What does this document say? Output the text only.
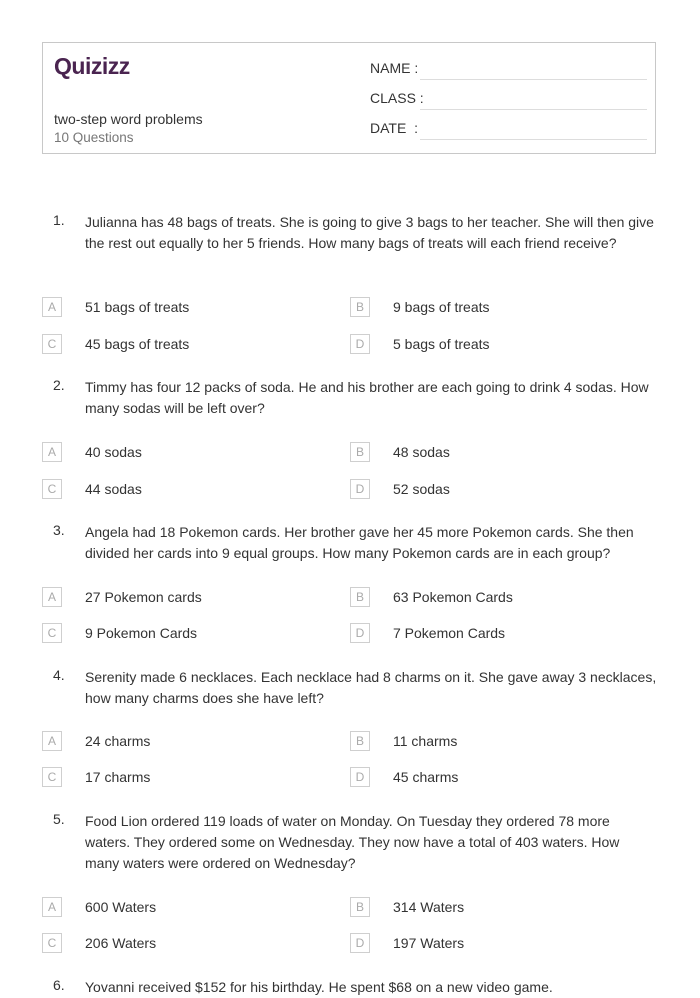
Quizizz
two-step word problems
10 Questions
NAME :
CLASS :
DATE  :
1. Julianna has 48 bags of treats. She is going to give 3 bags to her teacher. She will then give the rest out equally to her 5 friends. How many bags of treats will each friend receive?
A	51 bags of treats	B	9 bags of treats
C	45 bags of treats	D	5 bags of treats
2. Timmy has four 12 packs of soda. He and his brother are each going to drink 4 sodas. How many sodas will be left over?
A	40 sodas	B	48 sodas
C	44 sodas	D	52 sodas
3. Angela had 18 Pokemon cards. Her brother gave her 45 more Pokemon cards. She then divided her cards into 9 equal groups. How many Pokemon cards are in each group?
A	27 Pokemon cards	B	63 Pokemon Cards
C	9 Pokemon Cards	D	7 Pokemon Cards
4. Serenity made 6 necklaces. Each necklace had 8 charms on it. She gave away 3 necklaces, how many charms does she have left?
A	24 charms	B	11 charms
C	17 charms	D	45 charms
5. Food Lion ordered 119 loads of water on Monday. On Tuesday they ordered 78 more waters. They ordered some on Wednesday. They now have a total of 403 waters. How many waters were ordered on Wednesday?
A	600 Waters	B	314 Waters
C	206 Waters	D	197 Waters
6. Yovanni received $152 for his birthday. He spent $68 on a new video game.
